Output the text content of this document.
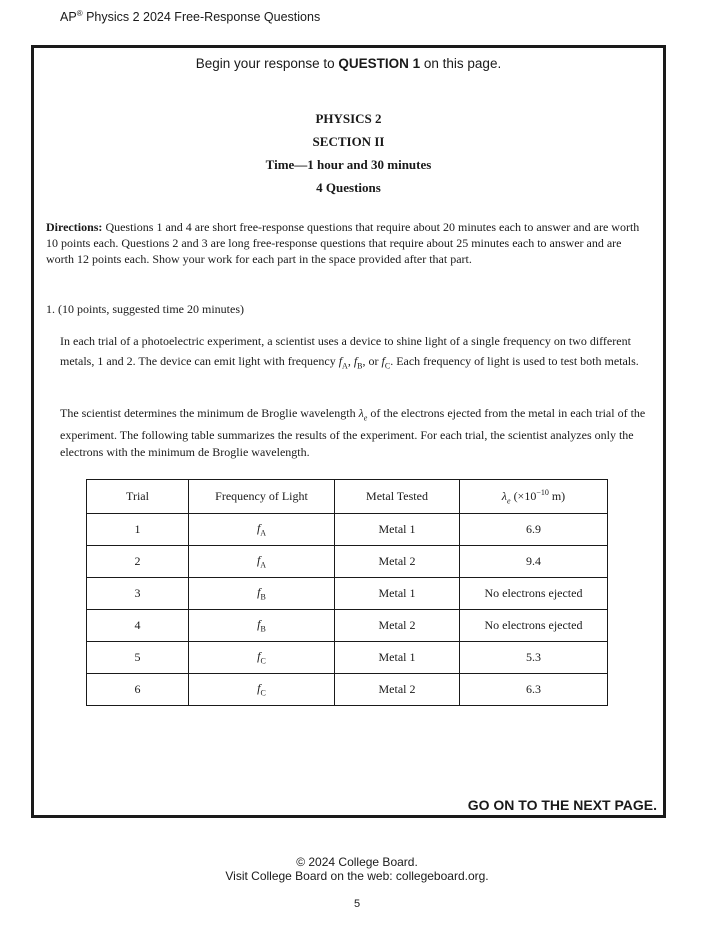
AP® Physics 2 2024 Free-Response Questions
Begin your response to QUESTION 1 on this page.
PHYSICS 2
SECTION II
Time—1 hour and 30 minutes
4 Questions
Directions: Questions 1 and 4 are short free-response questions that require about 20 minutes each to answer and are worth 10 points each. Questions 2 and 3 are long free-response questions that require about 25 minutes each to answer and are worth 12 points each. Show your work for each part in the space provided after that part.
1. (10 points, suggested time 20 minutes)
In each trial of a photoelectric experiment, a scientist uses a device to shine light of a single frequency on two different metals, 1 and 2. The device can emit light with frequency $f_A$, $f_B$, or $f_C$. Each frequency of light is used to test both metals.
The scientist determines the minimum de Broglie wavelength $\lambda_e$ of the electrons ejected from the metal in each trial of the experiment. The following table summarizes the results of the experiment. For each trial, the scientist analyzes only the electrons with the minimum de Broglie wavelength.
Trial	Frequency of Light	Metal Tested	$\lambda_e$ ($\times 10^{-10}$ m)
1	$f_A$	Metal 1	6.9
2	$f_A$	Metal 2	9.4
3	$f_B$	Metal 1	No electrons ejected
4	$f_B$	Metal 2	No electrons ejected
5	$f_C$	Metal 1	5.3
6	$f_C$	Metal 2	6.3
GO ON TO THE NEXT PAGE.
© 2024 College Board.
Visit College Board on the web: collegeboard.org.
5
